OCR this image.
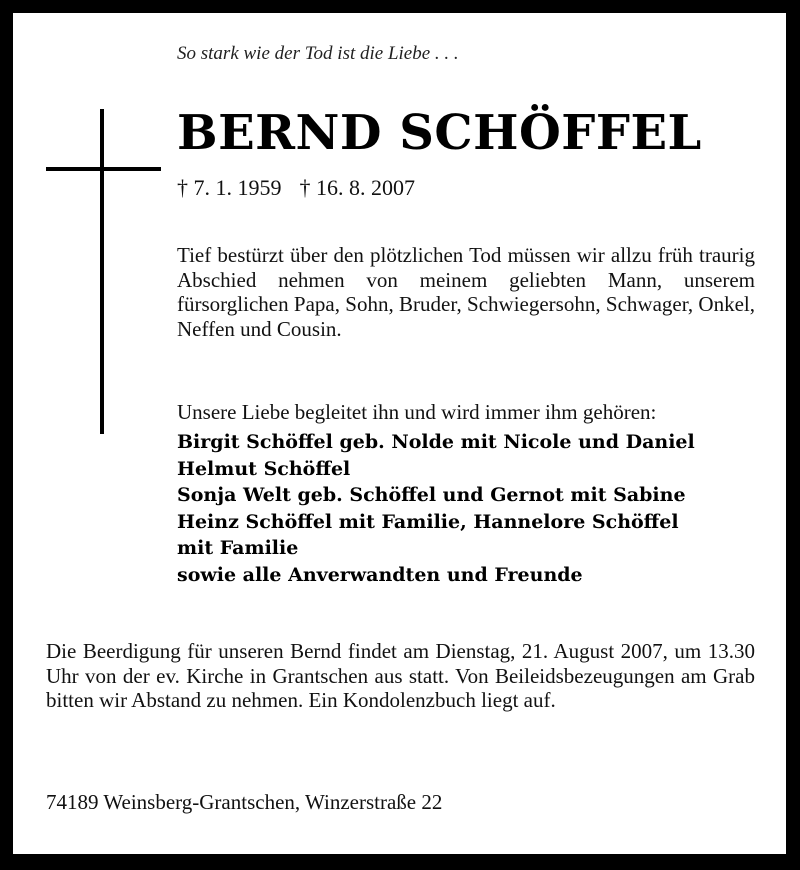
So stark wie der Tod ist die Liebe . . .
BERND SCHÖFFEL
† 7. 1. 1959 † 16. 8. 2007
Tief bestürzt über den plötzlichen Tod müssen wir allzu früh traurig Abschied nehmen von meinem geliebten Mann, unserem fürsorglichen Papa, Sohn, Bruder, Schwiegersohn, Schwager, Onkel, Neffen und Cousin.
Unsere Liebe begleitet ihn und wird immer ihm gehören:
Birgit Schöffel geb. Nolde mit Nicole und Daniel
Helmut Schöffel
Sonja Welt geb. Schöffel und Gernot mit Sabine
Heinz Schöffel mit Familie, Hannelore Schöffel
mit Familie
sowie alle Anverwandten und Freunde
Die Beerdigung für unseren Bernd findet am Dienstag, 21. August 2007, um 13.30 Uhr von der ev. Kirche in Grantschen aus statt. Von Beileidsbezeugungen am Grab bitten wir Abstand zu nehmen. Ein Kondolenzbuch liegt auf.
74189 Weinsberg-Grantschen, Winzerstraße 22
